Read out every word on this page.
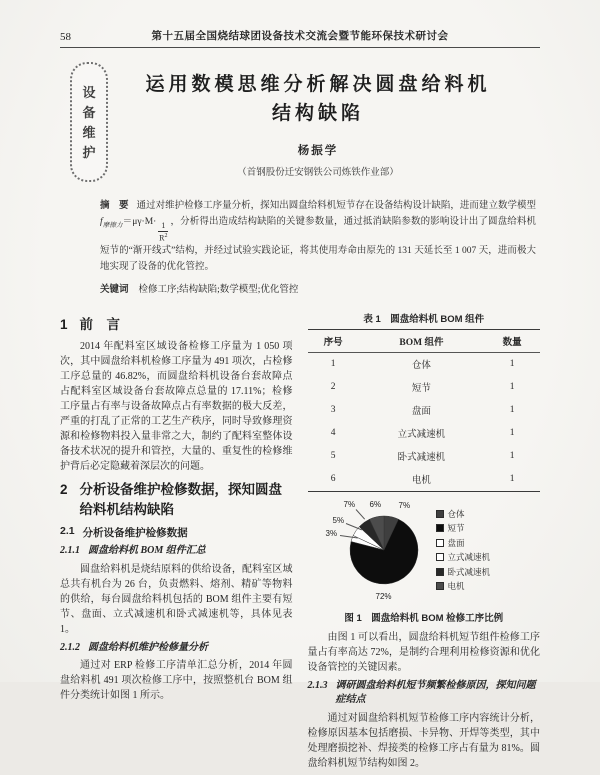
58	第十五届全国烧结球团设备技术交流会暨节能环保技术研讨会
设
备
维
护
运用数模思维分析解决圆盘给料机
结构缺陷
杨振学
（首钢股份迁安钢铁公司炼铁作业部）
摘　要 通过对维护检修工序量分析，探知出圆盘给料机短节存在设备结构设计缺陷，进而建立数学模型$f_{摩擦力}=\mu\gamma\cdot M\cdot \frac{1}{R^2}$ ，分析得出造成结构缺陷的关键参数量，通过抵消缺陷参数的影响设计出了圆盘给料机短节的“渐开线式”结构，并经过试验实践论证，将其使用寿命由原先的 131 天延长至 1 007 天，进而极大地实现了设备的优化管控。
关键词 检修工序;结构缺陷;数学模型;优化管控
1 前　言

2014 年配料室区域设备检修工序量为 1 050 项次，其中圆盘给料机检修工序量为 491 项次，占检修工序总量的 46.82%，而圆盘给料机设备台套故障点占配料室区域设备台套故障点总量的 17.11%；检修工序量占有率与设备故障点占有率数据的极大反差，严重的打乱了正常的工艺生产秩序，同时导致修理资源和检修物料投入量非常之大，制约了配料室整体设备技术状况的提升和管控，大量的、重复性的检修维护背后必定隐藏着深层次的问题。

2 分析设备维护检修数据，探知圆盘给料机结构缺陷
2.1 分析设备维护检修数据
2.1.1 圆盘给料机 BOM 组件汇总

圆盘给料机是烧结原料的供给设备，配料室区域总共有机台为 26 台，负责燃料、熔剂、精矿等物料的供给，每台圆盘给料机包括的 BOM 组件主要有短节、盘面、立式减速机和卧式减速机等，具体见表 1。

2.1.2 圆盘给料机维护检修量分析

通过对 ERP 检修工序清单汇总分析，2014 年圆盘给料机 491 项次检修工序中，按照整机台 BOM 组件分类统计如图 1 所示。

表 1　圆盘给料机 BOM 组件
序号	BOM 组件	数量
1	仓体	1
2	短节	1
3	盘面	1
4	立式减速机	1
5	卧式减速机	1
6	电机	1
7%
72%
3%
5%
6%
7%
仓体
短节
盘面
立式减速机
卧式减速机
电机
图 1　圆盘给料机 BOM 检修工序比例

由图 1 可以看出，圆盘给料机短节组件检修工序量占有率高达 72%，是制约合理利用检修资源和优化设备管控的关键因素。

2.1.3 调研圆盘给料机短节频繁检修原因，探知问题症结点

通过对圆盘给料机短节检修工序内容统计分析，检修原因基本包括磨损、卡异物、开焊等类型，其中处理磨损挖补、焊接类的检修工序占有量为 81%。圆盘给料机短节结构如图 2。
